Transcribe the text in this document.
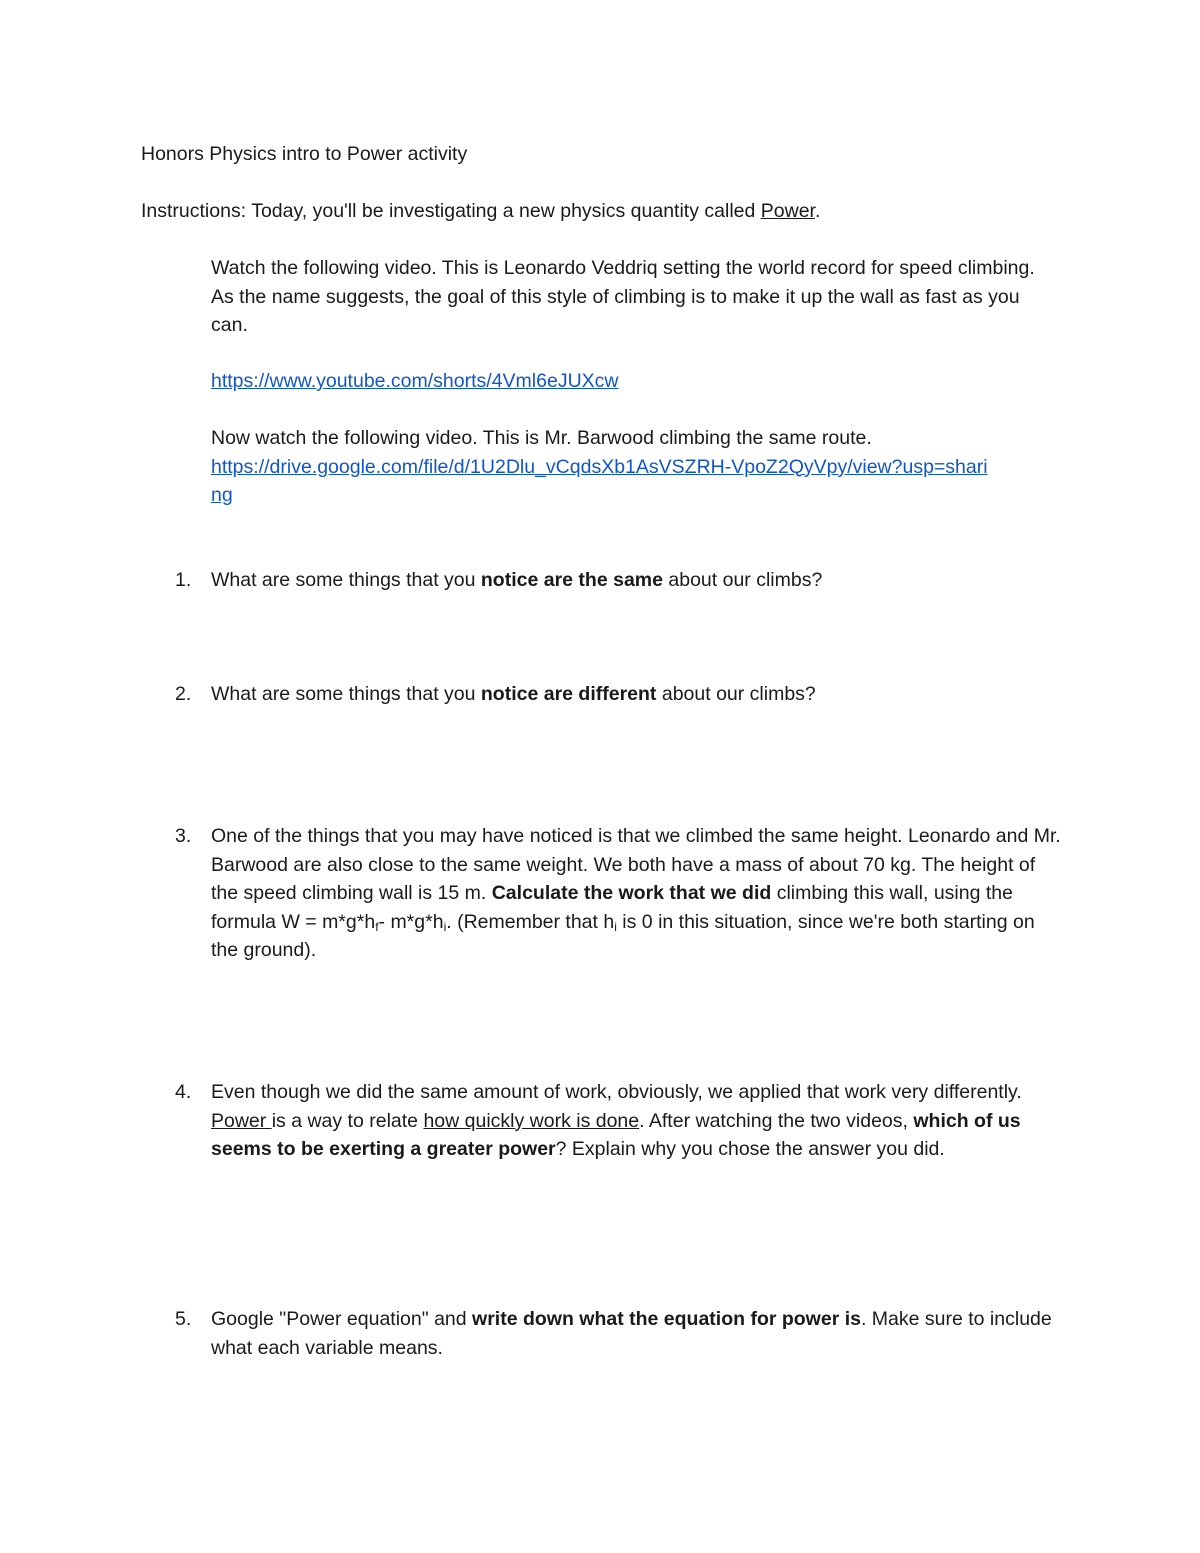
Honors Physics intro to Power activity
Instructions: Today, you'll be investigating a new physics quantity called Power.
Watch the following video. This is Leonardo Veddriq setting the world record for speed climbing. As the name suggests, the goal of this style of climbing is to make it up the wall as fast as you can.
https://www.youtube.com/shorts/4Vml6eJUXcw
Now watch the following video. This is Mr. Barwood climbing the same route.
https://drive.google.com/file/d/1U2Dlu_vCqdsXb1AsVSZRH-VpoZ2QyVpy/view?usp=sharing
1. What are some things that you notice are the same about our climbs?
2. What are some things that you notice are different about our climbs?
3. One of the things that you may have noticed is that we climbed the same height. Leonardo and Mr. Barwood are also close to the same weight. We both have a mass of about 70 kg. The height of the speed climbing wall is 15 m. Calculate the work that we did climbing this wall, using the formula $W = m*g*h_f-$ $m*g*h_i$. (Remember that $h_i$ is 0 in this situation, since we're both starting on the ground).
4. Even though we did the same amount of work, obviously, we applied that work very differently. Power is a way to relate how quickly work is done. After watching the two videos, which of us seems to be exerting a greater power? Explain why you chose the answer you did.
5. Google "Power equation" and write down what the equation for power is. Make sure to include what each variable means.
